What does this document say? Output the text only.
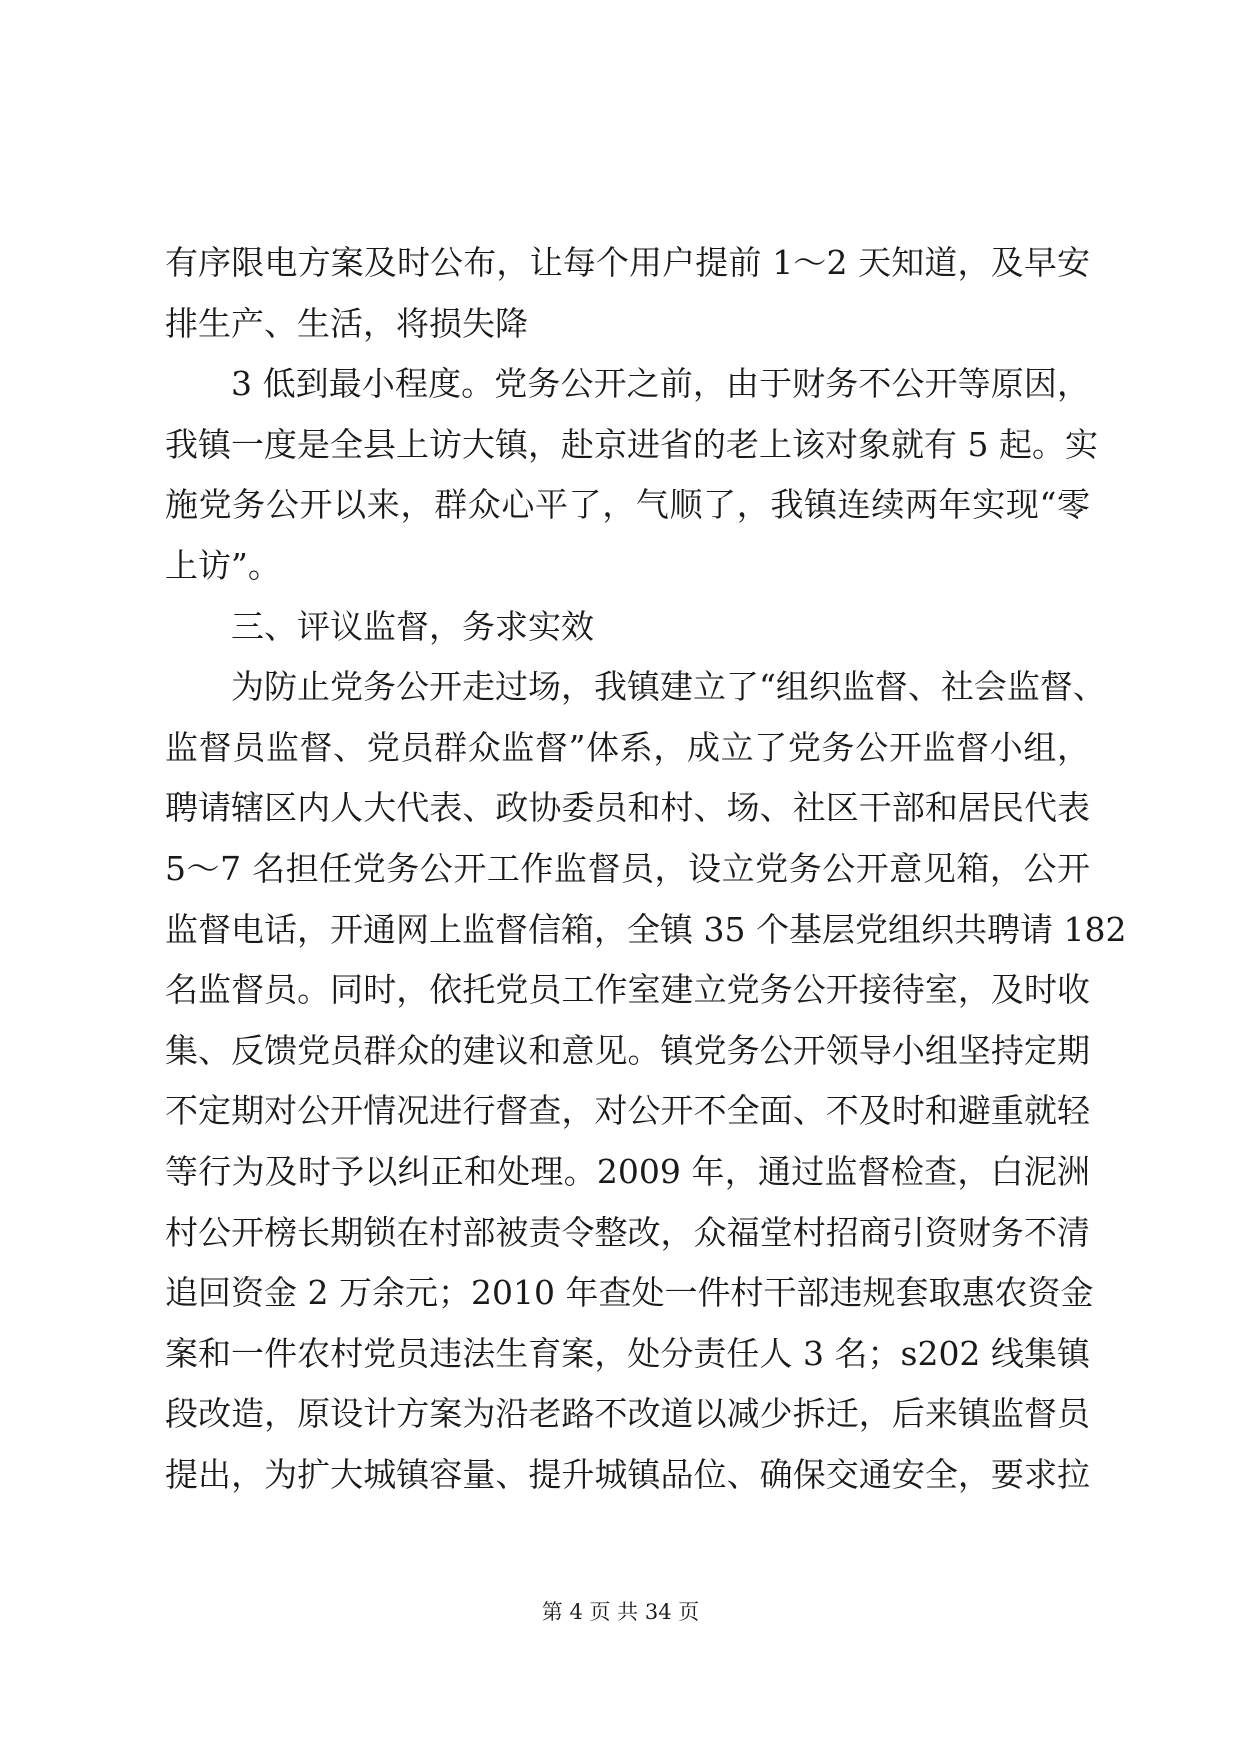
有序限电方案及时公布，让每个用户提前 1～2 天知道，及早安
排生产、生活，将损失降
3 低到最小程度。党务公开之前，由于财务不公开等原因，
我镇一度是全县上访大镇，赴京进省的老上该对象就有 5 起。实
施党务公开以来，群众心平了，气顺了，我镇连续两年实现“零
上访”。
三、评议监督，务求实效
为防止党务公开走过场，我镇建立了“组织监督、社会监督、
监督员监督、党员群众监督”体系，成立了党务公开监督小组，
聘请辖区内人大代表、政协委员和村、场、社区干部和居民代表
5～7 名担任党务公开工作监督员，设立党务公开意见箱，公开
监督电话，开通网上监督信箱，全镇 35 个基层党组织共聘请 182
名监督员。同时，依托党员工作室建立党务公开接待室，及时收
集、反馈党员群众的建议和意见。镇党务公开领导小组坚持定期
不定期对公开情况进行督查，对公开不全面、不及时和避重就轻
等行为及时予以纠正和处理。2009 年，通过监督检查，白泥洲
村公开榜长期锁在村部被责令整改，众福堂村招商引资财务不清
追回资金 2 万余元；2010 年查处一件村干部违规套取惠农资金
案和一件农村党员违法生育案，处分责任人 3 名；s202 线集镇
段改造，原设计方案为沿老路不改道以减少拆迁，后来镇监督员
提出，为扩大城镇容量、提升城镇品位、确保交通安全，要求拉
第 4 页 共 34 页
